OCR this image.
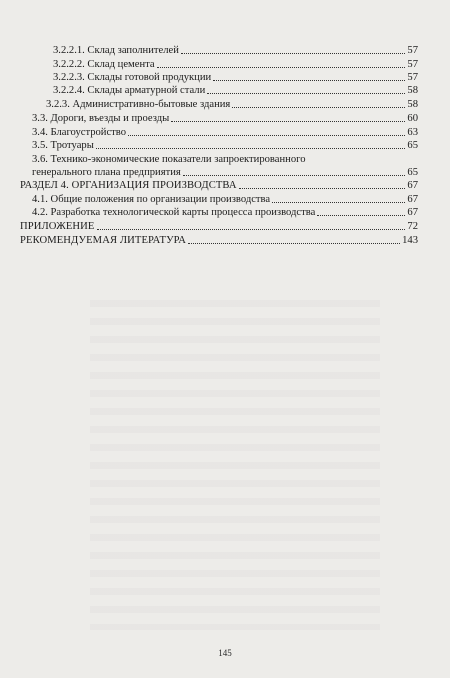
3.2.2.1. Склад заполнителей	57
3.2.2.2. Склад цемента	57
3.2.2.3. Склады готовой продукции	57
3.2.2.4. Склады арматурной стали	58
3.2.3. Административно-бытовые здания	58
3.3. Дороги, въезды и проезды	60
3.4. Благоустройство	63
3.5. Тротуары	65
3.6. Технико-экономические показатели запроектированного
генерального плана предприятия	65
РАЗДЕЛ 4. ОРГАНИЗАЦИЯ ПРОИЗВОДСТВА	67
4.1. Общие положения по организации производства	67
4.2. Разработка технологической карты процесса производства	67
ПРИЛОЖЕНИЕ	72
РЕКОМЕНДУЕМАЯ ЛИТЕРАТУРА	143
145
